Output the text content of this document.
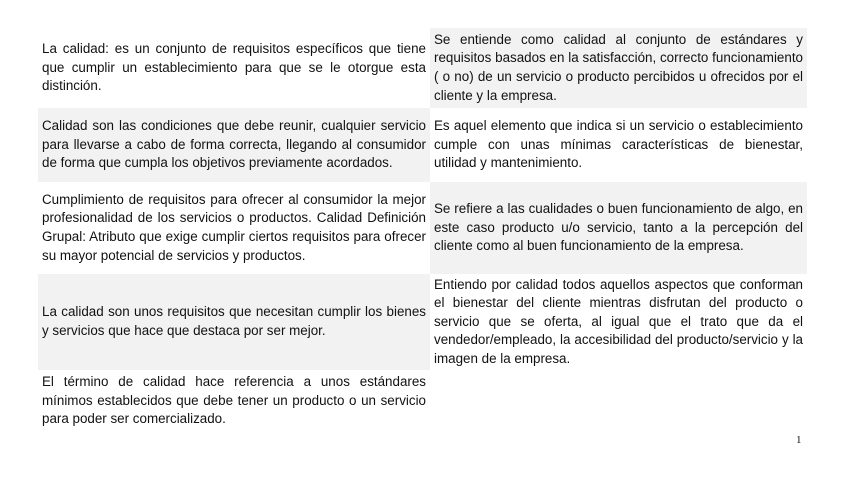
La calidad: es un conjunto de requisitos específicos que tiene que cumplir un establecimiento para que se le otorgue esta distinción.

Calidad son las condiciones que debe reunir, cualquier servicio para llevarse a cabo de forma correcta, llegando al consumidor de forma que cumpla los objetivos previamente acordados.

Cumplimiento de requisitos para ofrecer al consumidor la mejor profesionalidad de los servicios o productos. Calidad Definición Grupal: Atributo que exige cumplir ciertos requisitos para ofrecer su mayor potencial de servicios y productos.

La calidad son unos requisitos que necesitan cumplir los bienes y servicios que hace que destaca por ser mejor.

El término de calidad hace referencia a unos estándares mínimos establecidos que debe tener un producto o un servicio para poder ser comercializado.

Se entiende como calidad al conjunto de estándares y requisitos basados en la satisfacción, correcto funcionamiento ( o no) de un servicio o producto percibidos u ofrecidos por el cliente y la empresa.

Es aquel elemento que indica si un servicio o establecimiento cumple con unas mínimas características de bienestar, utilidad y mantenimiento.

Se refiere a las cualidades o buen funcionamiento de algo, en este caso producto u/o servicio, tanto a la percepción del cliente como al buen funcionamiento de la empresa.

Entiendo por calidad todos aquellos aspectos que conforman el bienestar del cliente mientras disfrutan del producto o servicio que se oferta, al igual que el trato que da el vendedor/empleado, la accesibilidad del producto/servicio y la imagen de la empresa.

1
